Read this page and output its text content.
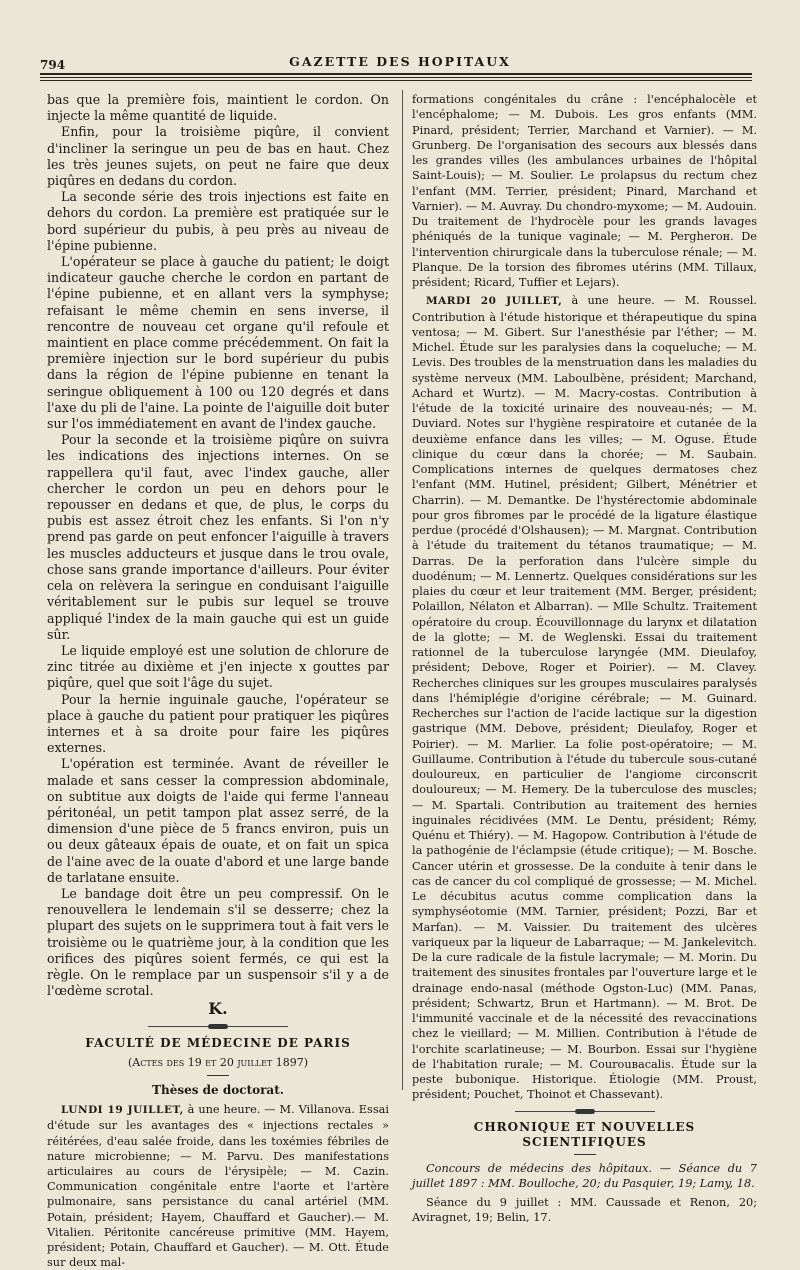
794	GAZETTE DES HOPITAUX

bas que la première fois, maintient le cordon. On injecte la même quantité de liquide.

Enfin, pour la troisième piqûre, il convient d'incliner la seringue un peu de bas en haut. Chez les très jeunes sujets, on peut ne faire que deux piqûres en dedans du cordon.

La seconde série des trois injections est faite en dehors du cordon. La première est pratiquée sur le bord supérieur du pubis, à peu près au niveau de l'épine pubienne.

L'opérateur se place à gauche du patient; le doigt indicateur gauche cherche le cordon en partant de l'épine pubienne, et en allant vers la symphyse; refaisant le même chemin en sens inverse, il rencontre de nouveau cet organe qu'il refoule et maintient en place comme précédemment. On fait la première injection sur le bord supérieur du pubis dans la région de l'épine pubienne en tenant la seringue obliquement à 100 ou 120 degrés et dans l'axe du pli de l'aine. La pointe de l'aiguille doit buter sur l'os immédiatement en avant de l'index gauche.

Pour la seconde et la troisième piqûre on suivra les indications des injections internes. On se rappellera qu'il faut, avec l'index gauche, aller chercher le cordon un peu en dehors pour le repousser en dedans et que, de plus, le corps du pubis est assez étroit chez les enfants. Si l'on n'y prend pas garde on peut enfoncer l'aiguille à travers les muscles adducteurs et jusque dans le trou ovale, chose sans grande importance d'ailleurs. Pour éviter cela on relèvera la seringue en conduisant l'aiguille véritablement sur le pubis sur lequel se trouve appliqué l'index de la main gauche qui est un guide sûr.

Le liquide employé est une solution de chlorure de zinc titrée au dixième et j'en injecte x gouttes par piqûre, quel que soit l'âge du sujet.

Pour la hernie inguinale gauche, l'opérateur se place à gauche du patient pour pratiquer les piqûres internes et à sa droite pour faire les piqûres externes.

L'opération est terminée. Avant de réveiller le malade et sans cesser la compression abdominale, on subtitue aux doigts de l'aide qui ferme l'anneau péritonéal, un petit tampon plat assez serré, de la dimension d'une pièce de 5 francs environ, puis un ou deux gâteaux épais de ouate, et on fait un spica de l'aine avec de la ouate d'abord et une large bande de tarlatane ensuite.

Le bandage doit être un peu compressif. On le renouvellera le lendemain s'il se desserre; chez la plupart des sujets on le supprimera tout à fait vers le troisième ou le quatrième jour, à la condition que les orifices des piqûres soient fermés, ce qui est la règle. On le remplace par un suspensoir s'il y a de l'œdème scrotal.

K.
FACULTÉ DE MÉDECINE DE PARIS
(Actes des 19 et 20 juillet 1897)
Thèses de doctorat.

LUNDI 19 JUILLET, à une heure. — M. Villanova. Essai d'étude sur les avantages des « injections rectales » réitérées, d'eau salée froide, dans les toxémies fébriles de nature microbienne; — M. Parvu. Des manifestations articulaires au cours de l'érysipèle; — M. Cazin. Communication congénitale entre l'aorte et l'artère pulmonaire, sans persistance du canal artériel (MM. Potain, président; Hayem, Chauffard et Gaucher).— M. Vitalien. Péritonite cancéreuse primitive (MM. Hayem, président; Potain, Chauffard et Gaucher). — M. Ott. Étude sur deux mal-

formations congénitales du crâne : l'encéphalocèle et l'encéphalome; — M. Dubois. Les gros enfants (MM. Pinard, président; Terrier, Marchand et Varnier). — M. Grunberg. De l'organisation des secours aux blessés dans les grandes villes (les ambulances urbaines de l'hôpital Saint-Louis); — M. Soulier. Le prolapsus du rectum chez l'enfant (MM. Terrier, président; Pinard, Marchand et Varnier). — M. Auvray. Du chondro-myxome; — M. Audouin. Du traitement de l'hydrocèle pour les grands lavages phéniqués de la tunique vaginale; — M. Pergherон. De l'intervention chirurgicale dans la tuberculose rénale; — M. Planque. De la torsion des fibromes utérins (MM. Tillaux, président; Ricard, Tuffier et Lejars).

MARDI 20 JUILLET, à une heure. — M. Roussel. Contribution à l'étude historique et thérapeutique du spina ventosa; — M. Gibert. Sur l'anesthésie par l'éther; — M. Michel. Étude sur les paralysies dans la coqueluche; — M. Levis. Des troubles de la menstruation dans les maladies du système nerveux (MM. Laboulbène, président; Marchand, Achard et Wurtz). — M. Macry-costas. Contribution à l'étude de la toxicité urinaire des nouveau-nés; — M. Duviard. Notes sur l'hygiène respiratoire et cutanée de la deuxième enfance dans les villes; — M. Oguse. Étude clinique du cœur dans la chorée; — M. Saubain. Complications internes de quelques dermatoses chez l'enfant (MM. Hutinel, président; Gilbert, Ménétrier et Charrin). — M. Demantke. De l'hystérectomie abdominale pour gros fibromes par le procédé de la ligature élastique perdue (procédé d'Olshausen); — M. Margnat. Contribution à l'étude du traitement du tétanos traumatique; — M. Darras. De la perforation dans l'ulcère simple du duodénum; — M. Lennertz. Quelques considérations sur les plaies du cœur et leur traitement (MM. Berger, président; Polaillon, Nélaton et Albarran). — Mlle Schultz. Traitement opératoire du croup. Écouvillonnage du larynx et dilatation de la glotte; — M. de Weglenski. Essai du traitement rationnel de la tuberculose laryngée (MM. Dieulafoy, président; Debove, Roger et Poirier). — M. Clavey. Recherches cliniques sur les groupes musculaires paralysés dans l'hémiplégie d'origine cérébrale; — M. Guinard. Recherches sur l'action de l'acide lactique sur la digestion gastrique (MM. Debove, président; Dieulafoy, Roger et Poirier). — M. Marlier. La folie post-opératoire; — M. Guillaume. Contribution à l'étude du tubercule sous-cutané douloureux, en particulier de l'angiome circonscrit douloureux; — M. Hemery. De la tuberculose des muscles; — M. Spartali. Contribution au traitement des hernies inguinales récidivées (MM. Le Dentu, président; Rémy, Quénu et Thiéry). — M. Hagopow. Contribution à l'étude de la pathogénie de l'éclampsie (étude critique); — M. Bosche. Cancer utérin et grossesse. De la conduite à tenir dans le cas de cancer du col compliqué de grossesse; — M. Michel. Le décubitus acutus comme complication dans la symphyséotomie (MM. Tarnier, président; Pozzi, Bar et Marfan). — M. Vaissier. Du traitement des ulcères variqueux par la liqueur de Labarraque; — M. Jankelevitch. De la cure radicale de la fistule lacrymale; — M. Morin. Du traitement des sinusites frontales par l'ouverture large et le drainage endo-nasal (méthode Ogston-Luc) (MM. Panas, président; Schwartz, Brun et Hartmann). — M. Brot. De l'immunité vaccinale et de la nécessité des revaccinations chez le vieillard; — M. Millien. Contribution à l'étude de l'orchite scarlatineuse; — M. Bourbon. Essai sur l'hygiène de l'habitation rurale; — M. Courouвacalis. Étude sur la peste bubonique. Historique. Étiologie (MM. Proust, président; Pouchet, Thoinot et Chassevant).

CHRONIQUE ET NOUVELLES SCIENTIFIQUES

Concours de médecins des hôpitaux. — Séance du 7 juillet 1897 : MM. Boulloche, 20; du Pasquier, 19; Lamy, 18.

Séance du 9 juillet : MM. Caussade et Renon, 20; Aviragnet, 19; Belin, 17.
